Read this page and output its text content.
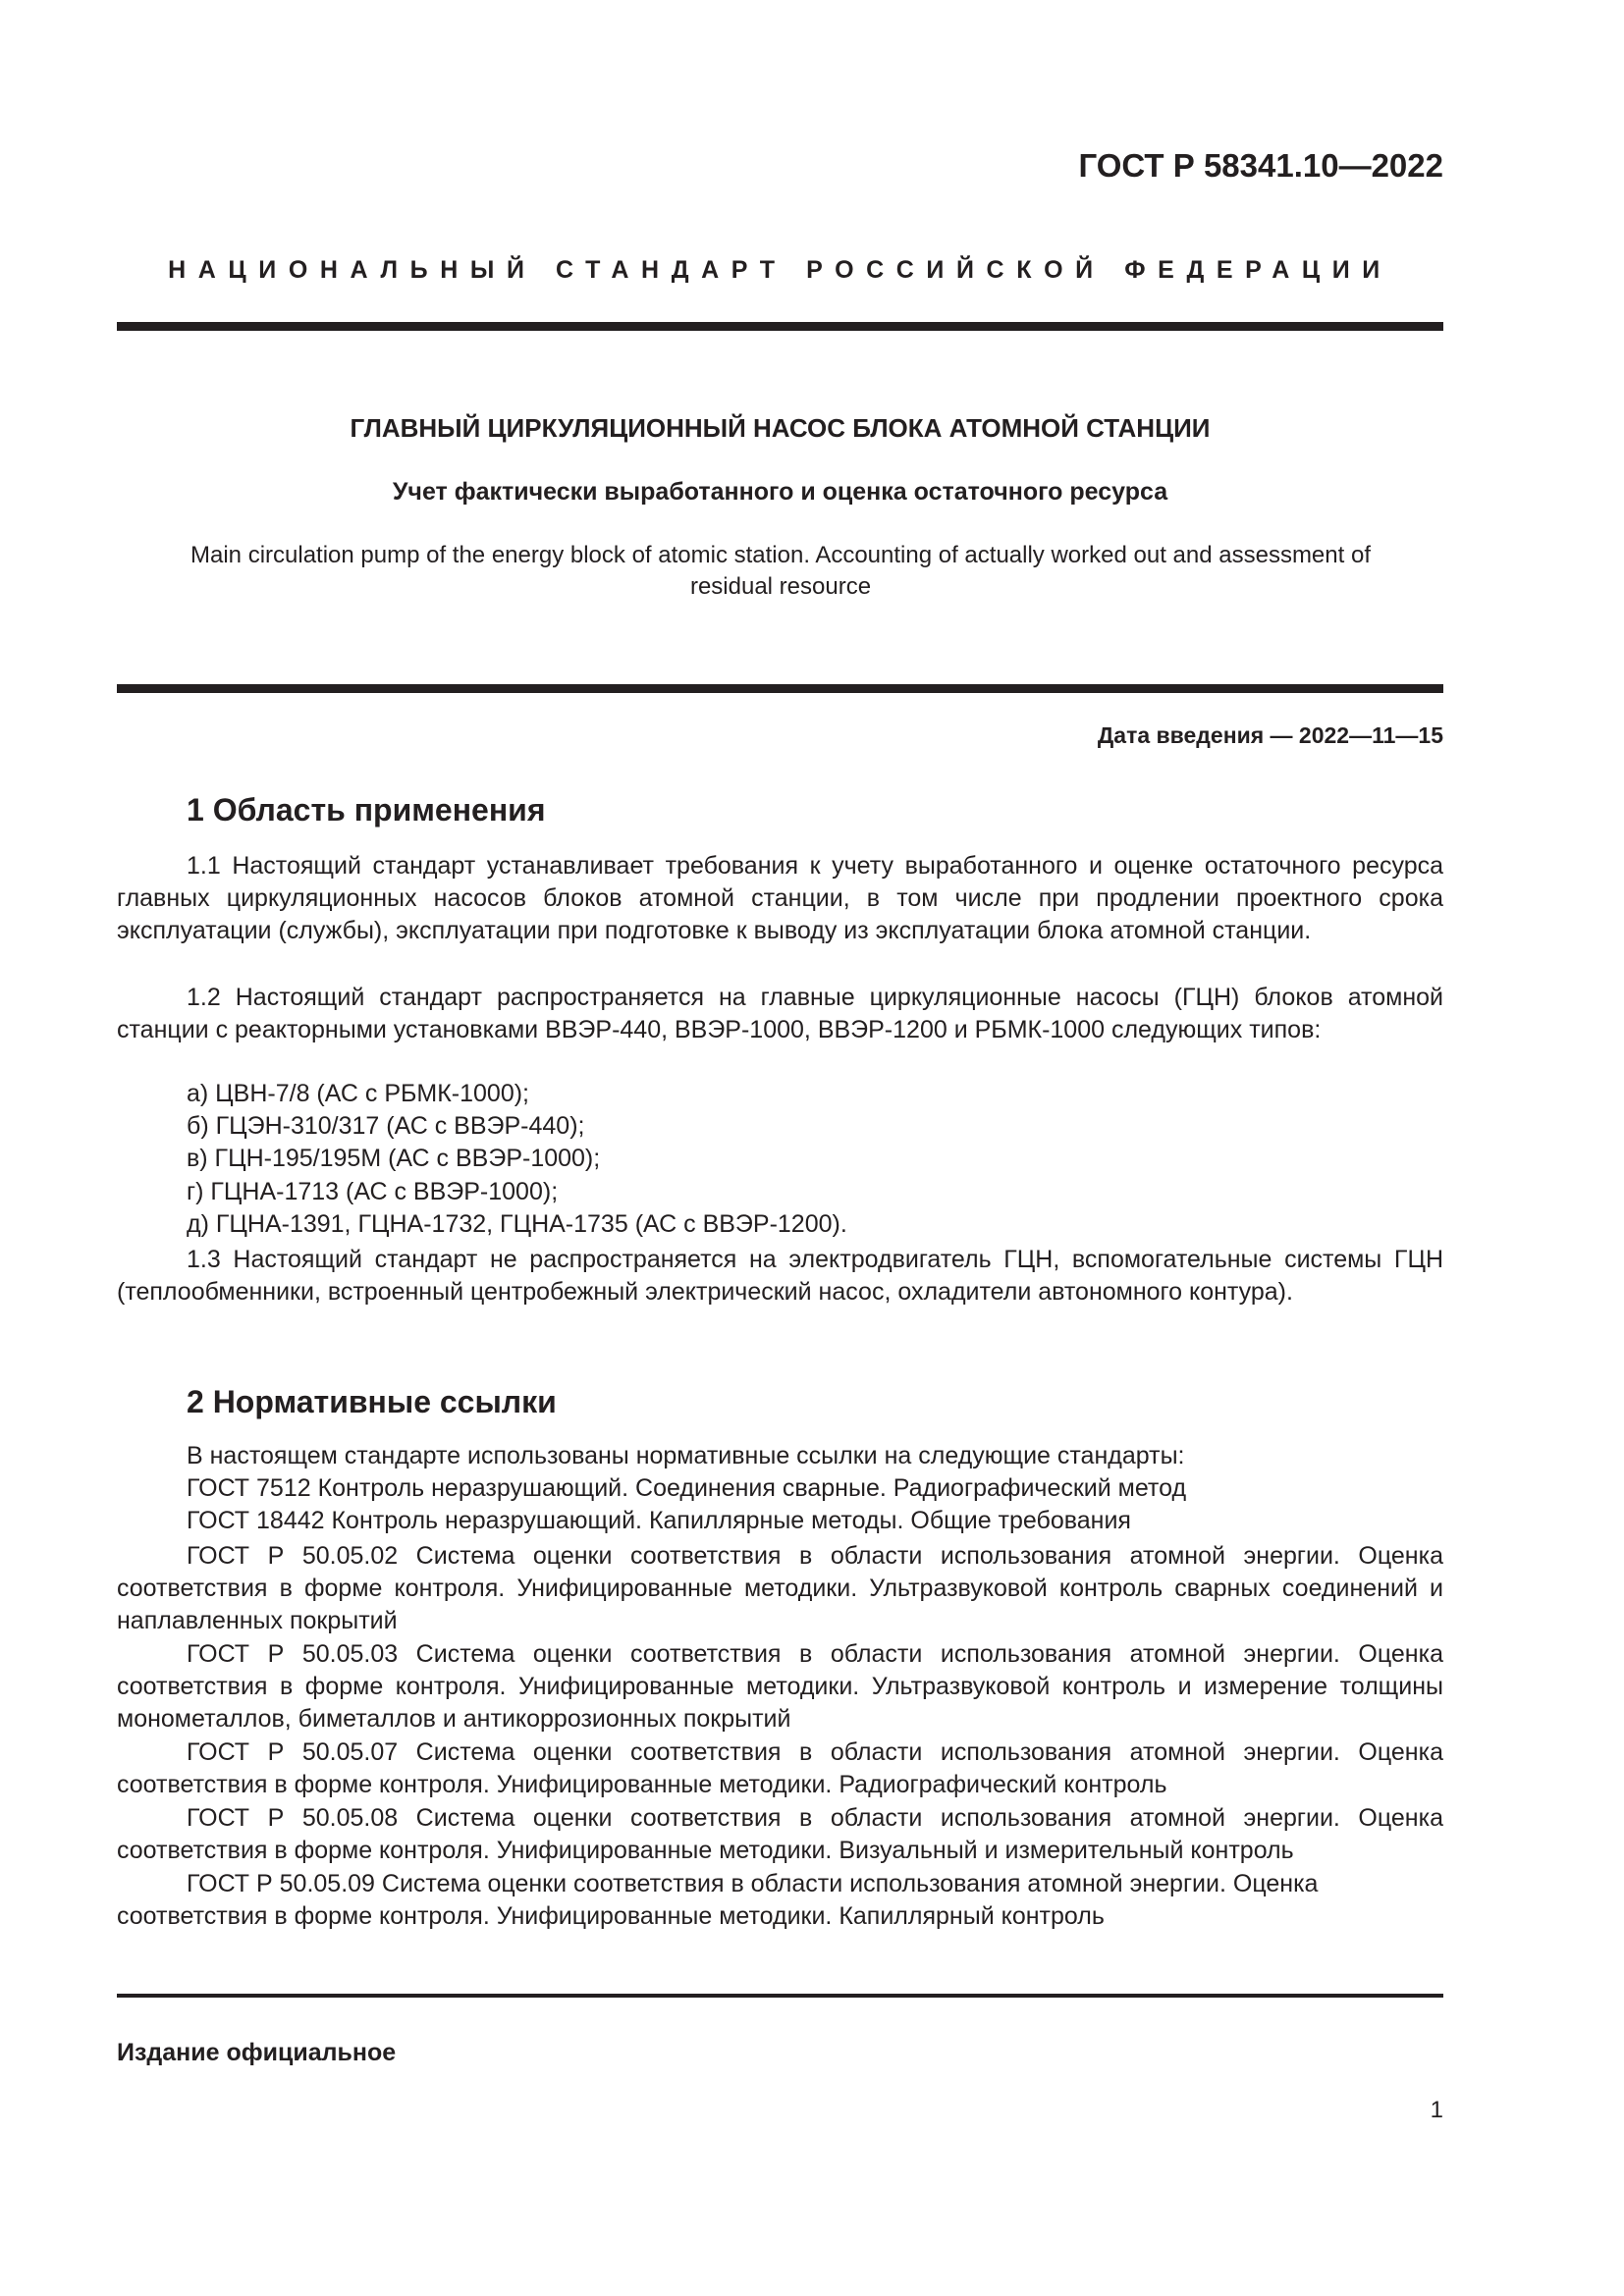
ГОСТ Р 58341.10—2022
НАЦИОНАЛЬНЫЙ СТАНДАРТ РОССИЙСКОЙ ФЕДЕРАЦИИ
ГЛАВНЫЙ ЦИРКУЛЯЦИОННЫЙ НАСОС БЛОКА АТОМНОЙ СТАНЦИИ
Учет фактически выработанного и оценка остаточного ресурса
Main circulation pump of the energy block of atomic station. Accounting of actually worked out and assessment of residual resource
Дата введения — 2022—11—15
1 Область применения
1.1 Настоящий стандарт устанавливает требования к учету выработанного и оценке остаточного ресурса главных циркуляционных насосов блоков атомной станции, в том числе при продлении проектного срока эксплуатации (службы), эксплуатации при подготовке к выводу из эксплуатации блока атомной станции.
1.2 Настоящий стандарт распространяется на главные циркуляционные насосы (ГЦН) блоков атомной станции с реакторными установками ВВЭР-440, ВВЭР-1000, ВВЭР-1200 и РБМК-1000 следующих типов:
а) ЦВН-7/8 (АС с РБМК-1000);
б) ГЦЭН-310/317 (АС с ВВЭР-440);
в) ГЦН-195/195М (АС с ВВЭР-1000);
г) ГЦНА-1713 (АС с ВВЭР-1000);
д) ГЦНА-1391, ГЦНА-1732, ГЦНА-1735 (АС с ВВЭР-1200).
1.3 Настоящий стандарт не распространяется на электродвигатель ГЦН, вспомогательные системы ГЦН (теплообменники, встроенный центробежный электрический насос, охладители автономного контура).
2 Нормативные ссылки
В настоящем стандарте использованы нормативные ссылки на следующие стандарты:
ГОСТ 7512 Контроль неразрушающий. Соединения сварные. Радиографический метод
ГОСТ 18442 Контроль неразрушающий. Капиллярные методы. Общие требования
ГОСТ Р 50.05.02 Система оценки соответствия в области использования атомной энергии. Оценка соответствия в форме контроля. Унифицированные методики. Ультразвуковой контроль сварных соединений и наплавленных покрытий
ГОСТ Р 50.05.03 Система оценки соответствия в области использования атомной энергии. Оценка соответствия в форме контроля. Унифицированные методики. Ультразвуковой контроль и измерение толщины монометаллов, биметаллов и антикоррозионных покрытий
ГОСТ Р 50.05.07 Система оценки соответствия в области использования атомной энергии. Оценка соответствия в форме контроля. Унифицированные методики. Радиографический контроль
ГОСТ Р 50.05.08 Система оценки соответствия в области использования атомной энергии. Оценка соответствия в форме контроля. Унифицированные методики. Визуальный и измерительный контроль
ГОСТ Р 50.05.09 Система оценки соответствия в области использования атомной энергии. Оценка соответствия в форме контроля. Унифицированные методики. Капиллярный контроль
Издание официальное
1
